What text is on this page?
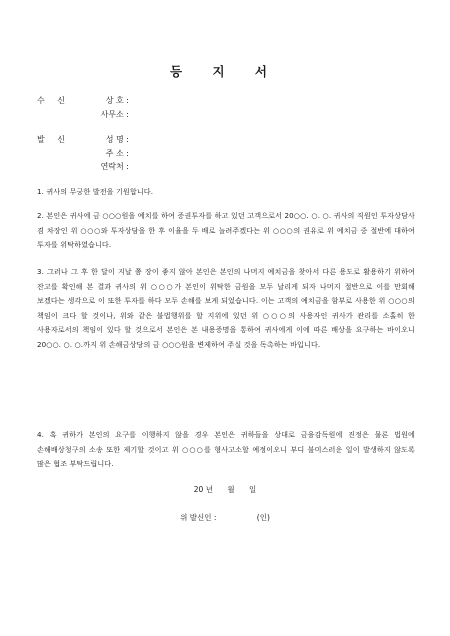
등 지 서
수 신	상 호 :
사무소 :
발 신	성 명 :
주 소 :
연락처 :
1. 귀사의 무궁한 발전을 기원합니다.
2. 본인은 귀사에 금 ○○○원을 예치를 하여 증권투자를 하고 있던 고객으로서 20○○. ○. ○. 귀사의 직원인 투자상담사 겸 차장인 위 ○○○와 투자상담을 한 후 이율을 두 배로 늘려주겠다는 위 ○○○의 권유로 위 예치금 중 절반에 대하여 투자를 위탁하였습니다.
3. 그러나 그 후 한 달이 지날 쯤 장이 좋지 않아 본인은 본인의 나머지 예치금을 찾아서 다른 용도로 활용하기 위하여 잔고를 확인해 본 결과 귀사의 위 ○○○가 본인이 위탁한 금원을 모두 날리게 되자 나머지 절반으로 이를 만회해 보겠다는 생각으로 이 또한 투자를 하다 모두 손해를 보게 되었습니다. 이는 고객의 예치금을 함부로 사용한 위 ○○○의 책임이 크다 할 것이나, 위와 같은 불법행위를 할 지위에 있던 위 ○○○의 사용자인 귀사가 관리를 소홀히 한 사용자로서의 책임이 있다 할 것으로서 본인은 본 내용증명을 통하여 귀사에게 이에 따른 배상을 요구하는 바이오니 20○○. ○. ○.까지 위 손해금상당의 금 ○○○원을 변제하여 주실 것을 독촉하는 바입니다.
4. 혹 귀하가 본인의 요구를 이행하지 않을 경우 본인은 귀하들을 상대로 금융감독원에 진정은 물론 법원에 손해배상청구의 소송 또한 제기할 것이고 위 ○○○를 형사고소할 예정이오니 부디 불미스러운 일이 발생하지 않도록 많은 협조 부탁드립니다.
20 년 월 일
위 발신인 :	(인)
